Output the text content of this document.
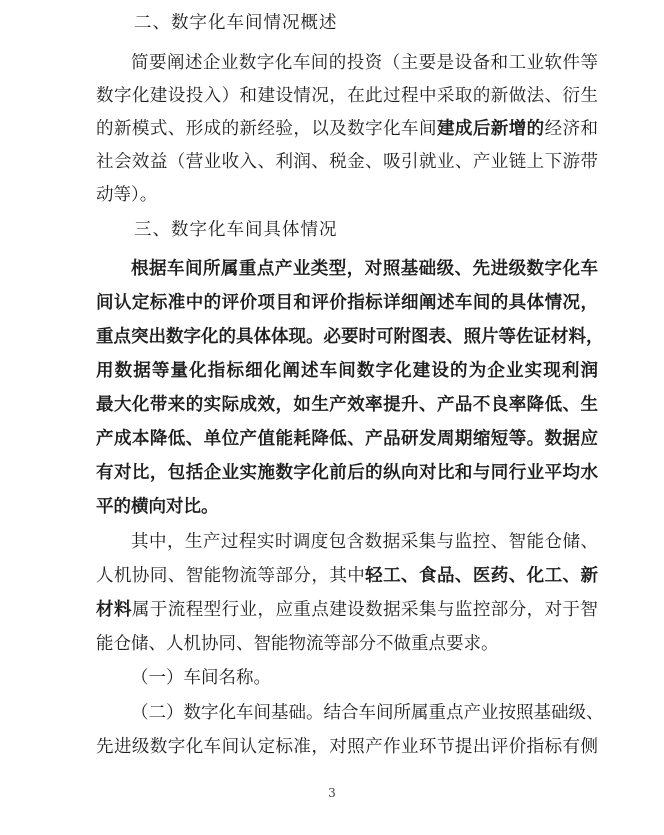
二、数字化车间情况概述
简要阐述企业数字化车间的投资（主要是设备和工业软件等
数字化建设投入）和建设情况，在此过程中采取的新做法、衍生
的新模式、形成的新经验，以及数字化车间建成后新增的经济和
社会效益（营业收入、利润、税金、吸引就业、产业链上下游带
动等）。
三、数字化车间具体情况
根据车间所属重点产业类型，对照基础级、先进级数字化车
间认定标准中的评价项目和评价指标详细阐述车间的具体情况，
重点突出数字化的具体体现。必要时可附图表、照片等佐证材料，
用数据等量化指标细化阐述车间数字化建设的为企业实现利润
最大化带来的实际成效，如生产效率提升、产品不良率降低、生
产成本降低、单位产值能耗降低、产品研发周期缩短等。数据应
有对比，包括企业实施数字化前后的纵向对比和与同行业平均水
平的横向对比。
其中，生产过程实时调度包含数据采集与监控、智能仓储、
人机协同、智能物流等部分，其中轻工、食品、医药、化工、新
材料属于流程型行业，应重点建设数据采集与监控部分，对于智
能仓储、人机协同、智能物流等部分不做重点要求。
（一）车间名称。
（二）数字化车间基础。结合车间所属重点产业按照基础级、
先进级数字化车间认定标准，对照产作业环节提出评价指标有侧
3
